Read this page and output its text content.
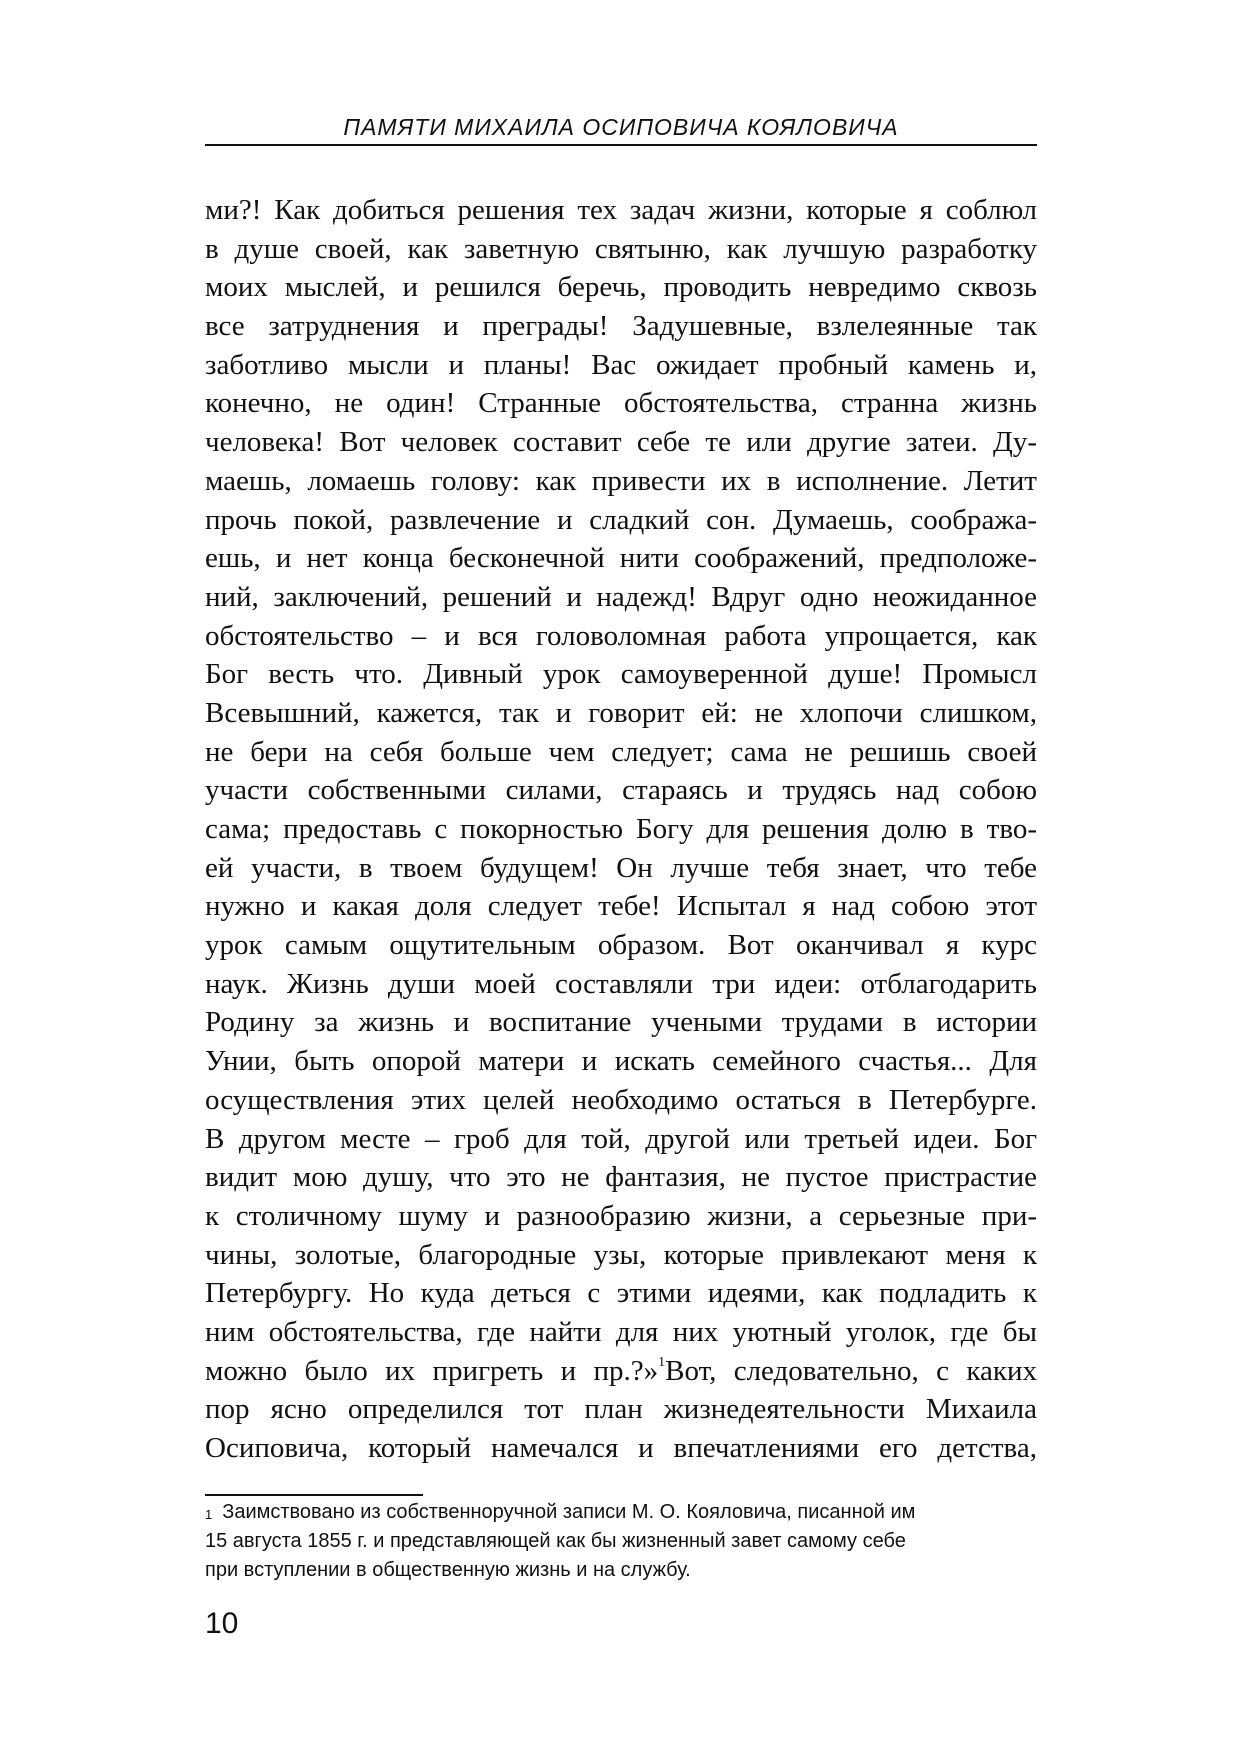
ПАМЯТИ МИХАИЛА ОСИПОВИЧА КОЯЛОВИЧА
ми?! Как добиться решения тех задач жизни, которые я соблюл
в душе своей, как заветную святыню, как лучшую разработку
моих мыслей, и решился беречь, проводить невредимо сквозь
все затруднения и преграды! Задушевные, взлелеянные так
заботливо мысли и планы! Вас ожидает пробный камень и,
конечно, не один! Странные обстоятельства, странна жизнь
человека! Вот человек составит себе те или другие затеи. Ду-
маешь, ломаешь голову: как привести их в исполнение. Летит
прочь покой, развлечение и сладкий сон. Думаешь, сообража-
ешь, и нет конца бесконечной нити соображений, предположе-
ний, заключений, решений и надежд! Вдруг одно неожиданное
обстоятельство – и вся головоломная работа упрощается, как
Бог весть что. Дивный урок самоуверенной душе! Промысл
Всевышний, кажется, так и говорит ей: не хлопочи слишком,
не бери на себя больше чем следует; сама не решишь своей
участи собственными силами, стараясь и трудясь над собою
сама; предоставь с покорностью Богу для решения долю в тво-
ей участи, в твоем будущем! Он лучше тебя знает, что тебе
нужно и какая доля следует тебе! Испытал я над собою этот
урок самым ощутительным образом. Вот оканчивал я курс
наук. Жизнь души моей составляли три идеи: отблагодарить
Родину за жизнь и воспитание учеными трудами в истории
Унии, быть опорой матери и искать семейного счастья... Для
осуществления этих целей необходимо остаться в Петербурге.
В другом месте – гроб для той, другой или третьей идеи. Бог
видит мою душу, что это не фантазия, не пустое пристрастие
к столичному шуму и разнообразию жизни, а серьезные при-
чины, золотые, благородные узы, которые привлекают меня к
Петербургу. Но куда деться с этими идеями, как подладить к
ним обстоятельства, где найти для них уютный уголок, где бы
можно было их пригреть и пр.?»$^1$Вот, следовательно, с каких
пор ясно определился тот план жизнедеятельности Михаила
Осиповича, который намечался и впечатлениями его детства,
$^1$ Заимствовано из собственноручной записи М. О. Кояловича, писанной им
15 августа 1855 г. и представляющей как бы жизненный завет самому себе
при вступлении в общественную жизнь и на службу.
10
